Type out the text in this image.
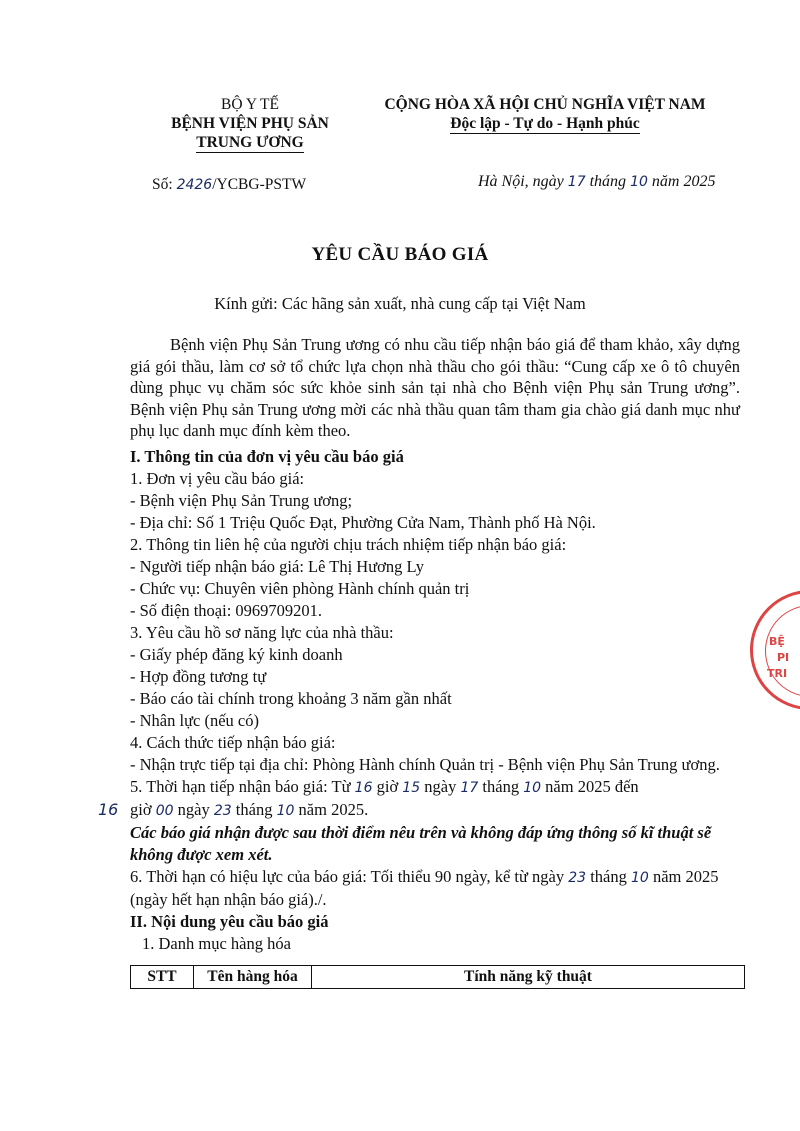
BỘ Y TẾ
BỆNH VIỆN PHỤ SẢN
TRUNG ƯƠNG
CỘNG HÒA XÃ HỘI CHỦ NGHĨA VIỆT NAM
Độc lập - Tự do - Hạnh phúc
Số: 2426/YCBG-PSTW	Hà Nội, ngày 17 tháng 10 năm 2025
YÊU CẦU BÁO GIÁ
Kính gửi: Các hãng sản xuất, nhà cung cấp tại Việt Nam

Bệnh viện Phụ Sản Trung ương có nhu cầu tiếp nhận báo giá để tham khảo, xây dựng giá gói thầu, làm cơ sở tổ chức lựa chọn nhà thầu cho gói thầu: “Cung cấp xe ô tô chuyên dùng phục vụ chăm sóc sức khỏe sinh sản tại nhà cho Bệnh viện Phụ sản Trung ương”. Bệnh viện Phụ sản Trung ương mời các nhà thầu quan tâm tham gia chào giá danh mục như phụ lục danh mục đính kèm theo.

I. Thông tin của đơn vị yêu cầu báo giá
1. Đơn vị yêu cầu báo giá:
- Bệnh viện Phụ Sản Trung ương;
- Địa chỉ: Số 1 Triệu Quốc Đạt, Phường Cửa Nam, Thành phố Hà Nội.
2. Thông tin liên hệ của người chịu trách nhiệm tiếp nhận báo giá:
- Người tiếp nhận báo giá: Lê Thị Hương Ly
- Chức vụ: Chuyên viên phòng Hành chính quản trị
- Số điện thoại: 0969709201.
3. Yêu cầu hồ sơ năng lực của nhà thầu:
- Giấy phép đăng ký kinh doanh
- Hợp đồng tương tự
- Báo cáo tài chính trong khoảng 3 năm gần nhất
- Nhân lực (nếu có)
4. Cách thức tiếp nhận báo giá:
- Nhận trực tiếp tại địa chỉ: Phòng Hành chính Quản trị - Bệnh viện Phụ Sản Trung ương.
5. Thời hạn tiếp nhận báo giá: Từ 16 giờ 15 ngày 17 tháng 10 năm 2025 đến
16 giờ 00 ngày 23 tháng 10 năm 2025.
Các báo giá nhận được sau thời điểm nêu trên và không đáp ứng thông số kĩ thuật sẽ không được xem xét.
6. Thời hạn có hiệu lực của báo giá: Tối thiểu 90 ngày, kể từ ngày 23 tháng 10 năm 2025 (ngày hết hạn nhận báo giá)./.
II. Nội dung yêu cầu báo giá
1. Danh mục hàng hóa
STT	Tên hàng hóa	Tính năng kỹ thuật
BỆ
PI
TRI
